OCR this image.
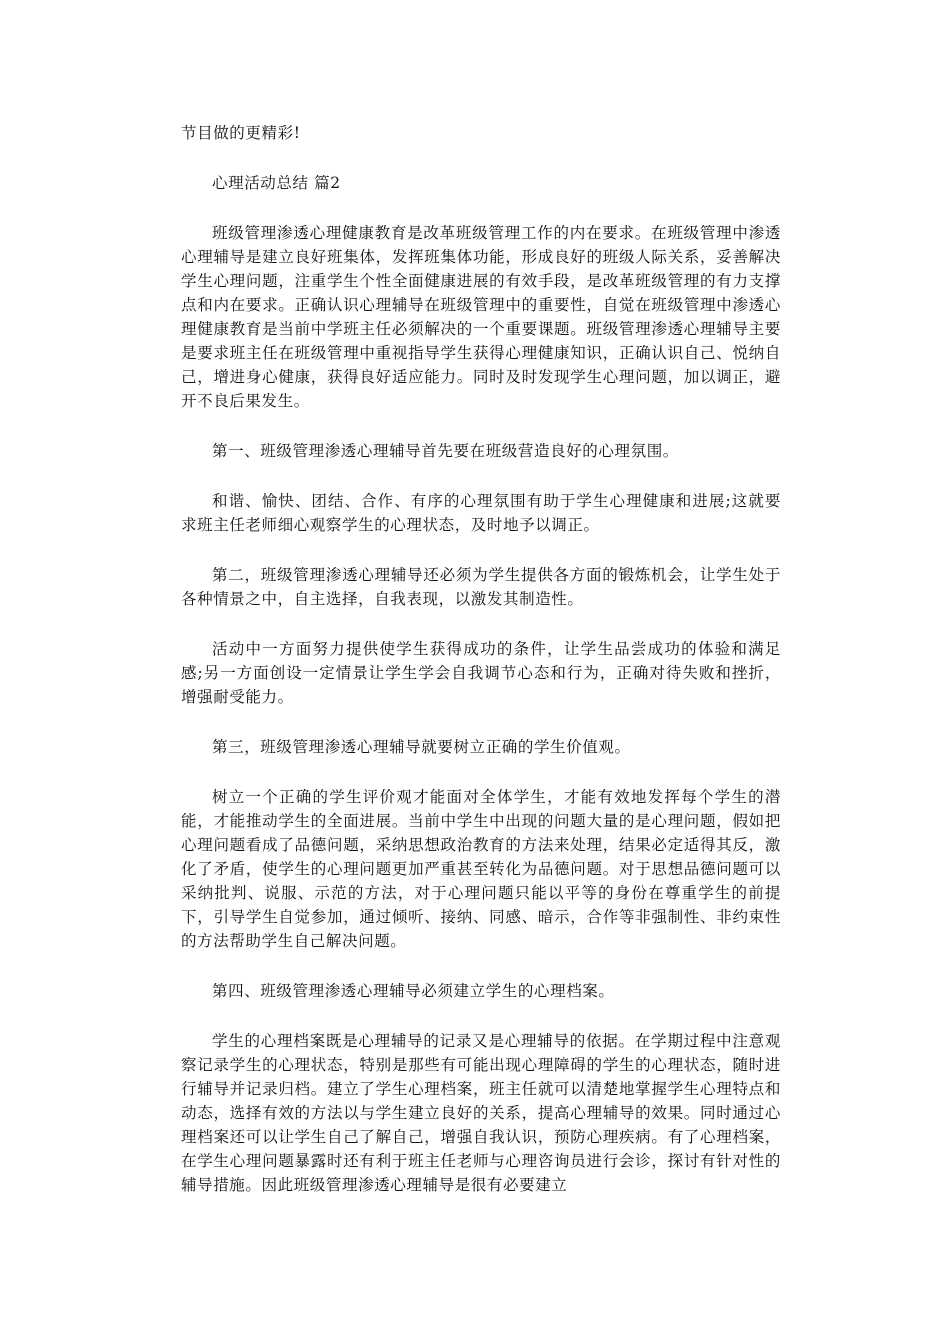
节目做的更精彩!

心理活动总结 篇2

班级管理渗透心理健康教育是改革班级管理工作的内在要求。在班级管理中渗透心理辅导是建立良好班集体，发挥班集体功能，形成良好的班级人际关系，妥善解决学生心理问题，注重学生个性全面健康进展的有效手段，是改革班级管理的有力支撑点和内在要求。正确认识心理辅导在班级管理中的重要性，自觉在班级管理中渗透心理健康教育是当前中学班主任必须解决的一个重要课题。班级管理渗透心理辅导主要是要求班主任在班级管理中重视指导学生获得心理健康知识，正确认识自己、悦纳自己，增进身心健康，获得良好适应能力。同时及时发现学生心理问题，加以调正，避开不良后果发生。

第一、班级管理渗透心理辅导首先要在班级营造良好的心理氛围。

和谐、愉快、团结、合作、有序的心理氛围有助于学生心理健康和进展;这就要求班主任老师细心观察学生的心理状态，及时地予以调正。

第二，班级管理渗透心理辅导还必须为学生提供各方面的锻炼机会，让学生处于各种情景之中，自主选择，自我表现，以激发其制造性。

活动中一方面努力提供使学生获得成功的条件，让学生品尝成功的体验和满足感;另一方面创设一定情景让学生学会自我调节心态和行为，正确对待失败和挫折，增强耐受能力。

第三，班级管理渗透心理辅导就要树立正确的学生价值观。

树立一个正确的学生评价观才能面对全体学生，才能有效地发挥每个学生的潜能，才能推动学生的全面进展。当前中学生中出现的问题大量的是心理问题，假如把心理问题看成了品德问题，采纳思想政治教育的方法来处理，结果必定适得其反，激化了矛盾，使学生的心理问题更加严重甚至转化为品德问题。对于思想品德问题可以采纳批判、说服、示范的方法，对于心理问题只能以平等的身份在尊重学生的前提下，引导学生自觉参加，通过倾听、接纳、同感、暗示，合作等非强制性、非约束性的方法帮助学生自己解决问题。

第四、班级管理渗透心理辅导必须建立学生的心理档案。

学生的心理档案既是心理辅导的记录又是心理辅导的依据。在学期过程中注意观察记录学生的心理状态，特别是那些有可能出现心理障碍的学生的心理状态，随时进行辅导并记录归档。建立了学生心理档案，班主任就可以清楚地掌握学生心理特点和动态，选择有效的方法以与学生建立良好的关系，提高心理辅导的效果。同时通过心理档案还可以让学生自己了解自己，增强自我认识，预防心理疾病。有了心理档案，在学生心理问题暴露时还有利于班主任老师与心理咨询员进行会诊，探讨有针对性的辅导措施。因此班级管理渗透心理辅导是很有必要建立
